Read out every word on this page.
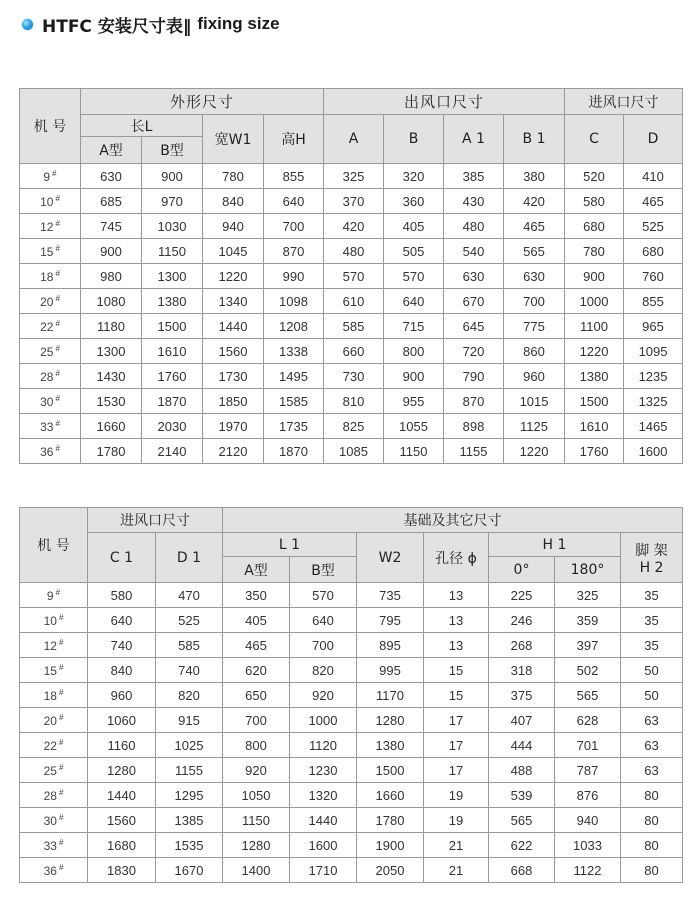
HTFC 安装尺寸表‖ fixing size
机 号	外形尺寸				出风口尺寸				进风口尺寸	
	长L		宽W1	高H	A	B	A 1	B 1	C	D
	A型	B型								
9 #	630	900	780	855	325	320	385	380	520	410
10 #	685	970	840	640	370	360	430	420	580	465
12 #	745	1030	940	700	420	405	480	465	680	525
15 #	900	1150	1045	870	480	505	540	565	780	680
18 #	980	1300	1220	990	570	570	630	630	900	760
20 #	1080	1380	1340	1098	610	640	670	700	1000	855
22 #	1180	1500	1440	1208	585	715	645	775	1100	965
25 #	1300	1610	1560	1338	660	800	720	860	1220	1095
28 #	1430	1760	1730	1495	730	900	790	960	1380	1235
30 #	1530	1870	1850	1585	810	955	870	1015	1500	1325
33 #	1660	2030	1970	1735	825	1055	898	1125	1610	1465
36 #	1780	2140	2120	1870	1085	1150	1155	1220	1760	1600
机 号	进风口尺寸		基础及其它尺寸						
	C 1	D 1	L 1		W2	孔径 ϕ	H 1		脚 架
H 2

			A型	B型			0°	180°	
9 #	580	470	350	570	735	13	225	325	35
10 #	640	525	405	640	795	13	246	359	35
12 #	740	585	465	700	895	13	268	397	35
15 #	840	740	620	820	995	15	318	502	50
18 #	960	820	650	920	1170	15	375	565	50
20 #	1060	915	700	1000	1280	17	407	628	63
22 #	1160	1025	800	1120	1380	17	444	701	63
25 #	1280	1155	920	1230	1500	17	488	787	63
28 #	1440	1295	1050	1320	1660	19	539	876	80
30 #	1560	1385	1150	1440	1780	19	565	940	80
33 #	1680	1535	1280	1600	1900	21	622	1033	80
36 #	1830	1670	1400	1710	2050	21	668	1122	80
